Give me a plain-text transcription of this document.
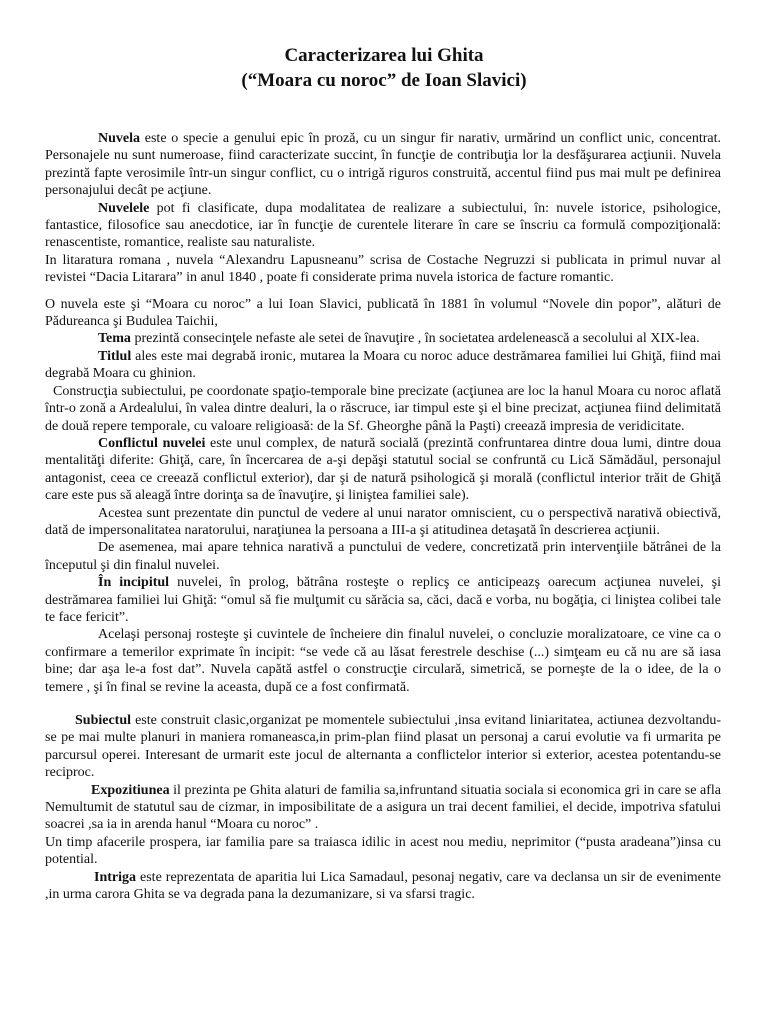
Caracterizarea lui Ghita
(“Moara cu noroc” de Ioan Slavici)

Nuvela este o specie a genului epic în proză, cu un singur fir narativ, urmărind un conflict unic, concentrat. Personajele nu sunt numeroase, fiind caracterizate succint, în funcţie de contribuţia lor la desfăşurarea acţiunii. Nuvela prezintă fapte verosimile într-un singur conflict, cu o intrigă riguros construită, accentul fiind pus mai mult pe definirea personajului decât pe acţiune.

Nuvelele pot fi clasificate, dupa modalitatea de realizare a subiectului, în: nuvele istorice, psihologice, fantastice, filosofice sau anecdotice, iar în funcţie de curentele literare în care se înscriu ca formulă compoziţională: renascentiste, romantice, realiste sau naturaliste.

In litaratura romana , nuvela “Alexandru Lapusneanu” scrisa de Costache Negruzzi si publicata in primul nuvar al revistei “Dacia Litarara” in anul 1840 , poate fi considerate prima nuvela istorica de facture romantic.

O nuvela este şi “Moara cu noroc” a lui Ioan Slavici, publicată în 1881 în volumul “Novele din popor”, alături de Pădureanca şi Budulea Taichii,

Tema prezintă consecinţele nefaste ale setei de înavuţire , în societatea ardelenească a secolului al XIX-lea.

Titlul ales este mai degrabă ironic, mutarea la Moara cu noroc aduce destrămarea familiei lui Ghiţă, fiind mai degrabă Moara cu ghinion.

Construcţia subiectului, pe coordonate spaţio-temporale bine precizate (acţiunea are loc la hanul Moara cu noroc aflată într-o zonă a Ardealului, în valea dintre dealuri, la o răscruce, iar timpul este şi el bine precizat, acţiunea fiind delimitată de două repere temporale, cu valoare religioasă: de la Sf. Gheorghe până la Paşti) creează impresia de veridicitate.

Conflictul nuvelei este unul complex, de natură socială (prezintă confruntarea dintre doua lumi, dintre doua mentalităţi diferite: Ghiţă, care, în încercarea de a-şi depăşi statutul social se confruntă cu Lică Sămădăul, personajul antagonist, ceea ce creează conflictul exterior), dar şi de natură psihologică şi morală (conflictul interior trăit de Ghiţă care este pus să aleagă între dorinţa sa de înavuţire, şi liniştea familiei sale).

Acestea sunt prezentate din punctul de vedere al unui narator omniscient, cu o perspectivă narativă obiectivă, dată de impersonalitatea naratorului, naraţiunea la persoana a III-a şi atitudinea detaşată în descrierea acţiunii.

De asemenea, mai apare tehnica narativă a punctului de vedere, concretizată prin intervenţiile bătrânei de la începutul şi din finalul nuvelei.

În incipitul nuvelei, în prolog, bătrâna rosteşte o replicş ce anticipeazş oarecum acţiunea nuvelei, şi destrămarea familiei lui Ghiţă: “omul să fie mulţumit cu sărăcia sa, căci, dacă e vorba, nu bogăţia, ci liniştea colibei tale te face fericit”.

Acelaşi personaj rosteşte şi cuvintele de încheiere din finalul nuvelei, o concluzie moralizatoare, ce vine ca o confirmare a temerilor exprimate în incipit: “se vede că au lăsat ferestrele deschise (...) simţeam eu că nu are să iasa bine; dar aşa le-a fost dat”. Nuvela capătă astfel o construcţie circulară, simetrică, se porneşte de la o idee, de la o temere , şi în final se revine la aceasta, după ce a fost confirmată.

Subiectul este construit clasic,organizat pe momentele subiectului ,insa evitand liniaritatea, actiunea dezvoltandu-se pe mai multe planuri in maniera romaneasca,in prim-plan fiind plasat un personaj a carui evolutie va fi urmarita pe parcursul operei. Interesant de urmarit este jocul de alternanta a conflictelor interior si exterior, acestea potentandu-se reciproc.

Expozitiunea il prezinta pe Ghita alaturi de familia sa,infruntand situatia sociala si economica gri in care se afla Nemultumit de statutul sau de cizmar, in imposibilitate de a asigura un trai decent familiei, el decide, impotriva sfatului soacrei ,sa ia in arenda hanul “Moara cu noroc” .

Un timp afacerile prospera, iar familia pare sa traiasca idilic in acest nou mediu, neprimitor (“pusta aradeana”)insa cu potential.

Intriga este reprezentata de aparitia lui Lica Samadaul, pesonaj negativ, care va declansa un sir de evenimente ,in urma carora Ghita se va degrada pana la dezumanizare, si va sfarsi tragic.
